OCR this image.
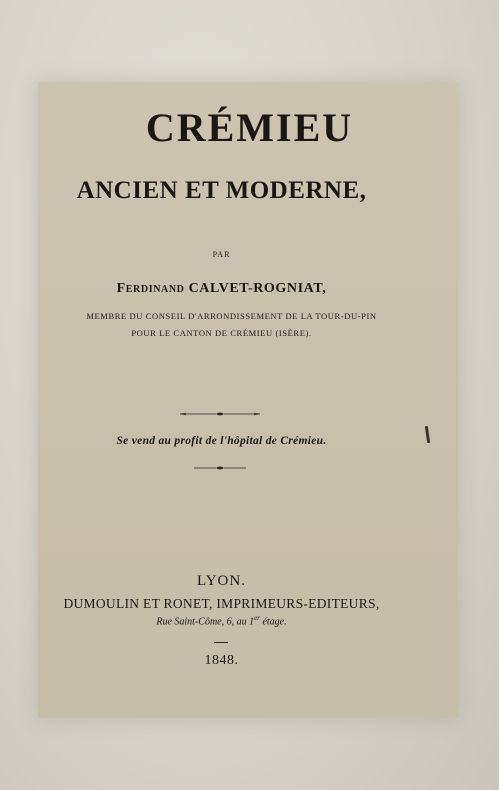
CRÉMIEU
ANCIEN ET MODERNE,
PAR
Ferdinand CALVET-ROGNIAT,
MEMBRE DU CONSEIL D'ARRONDISSEMENT DE LA TOUR-DU-PIN
POUR LE CANTON DE CRÉMIEU (ISÈRE).
Se vend au profit de l'hôpital de Crémieu.
LYON.
DUMOULIN ET RONET, IMPRIMEURS-EDITEURS,
Rue Saint-Côme, 6, au 1er étage.
1848.
